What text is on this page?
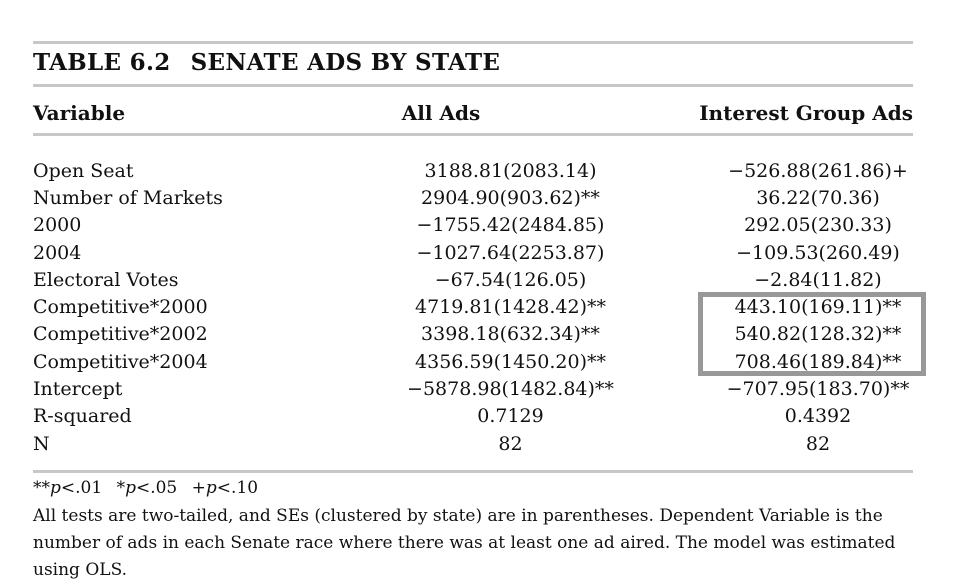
TABLE 6.2 SENATE ADS BY STATE
Variable	All Ads	Interest Group Ads
Open Seat	3188.81(2083.14)	−526.88(261.86)+
Number of Markets	2904.90(903.62)**	36.22(70.36)
2000	−1755.42(2484.85)	292.05(230.33)
2004	−1027.64(2253.87)	−109.53(260.49)
Electoral Votes	−67.54(126.05)	−2.84(11.82)
Competitive*2000	4719.81(1428.42)**	443.10(169.11)**
Competitive*2002	3398.18(632.34)**	540.82(128.32)**
Competitive*2004	4356.59(1450.20)**	708.46(189.84)**
Intercept	−5878.98(1482.84)**	−707.95(183.70)**
R-squared	0.7129	0.4392
N	82	82
**p<.01 *p<.05 +p<.10
All tests are two-tailed, and SEs (clustered by state) are in parentheses. Dependent Variable is the number of ads in each Senate race where there was at least one ad aired. The model was estimated using OLS.
